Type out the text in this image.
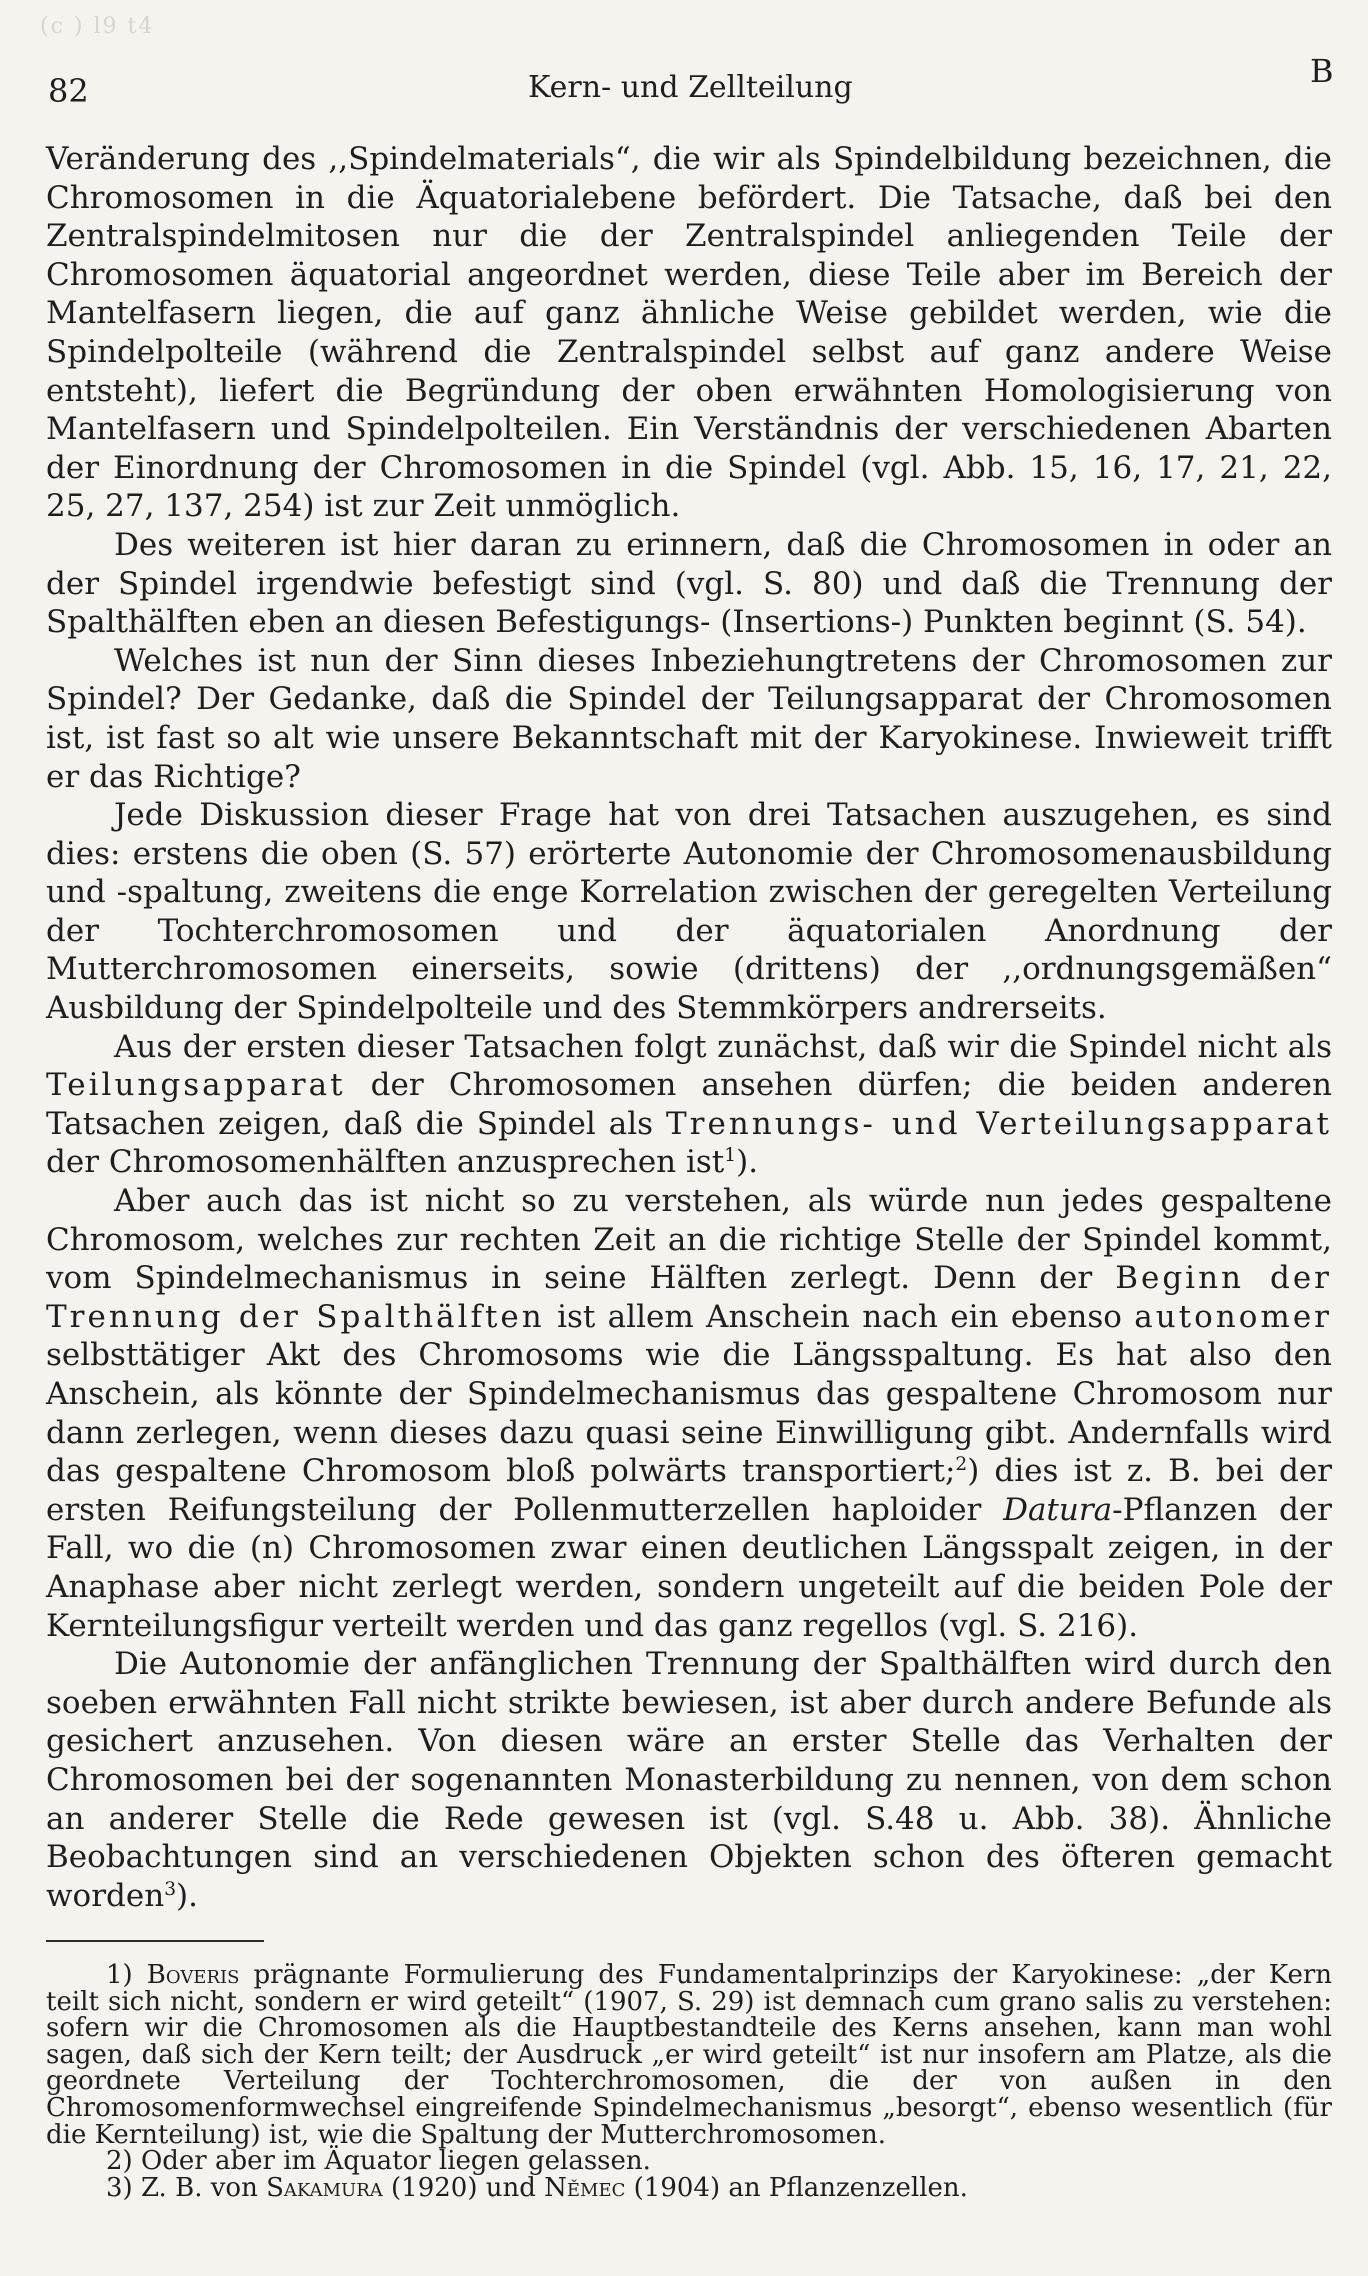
(c ) l9 t4
82	Kern- und Zellteilung	B

Veränderung des ,,Spindelmaterials“, die wir als Spindelbildung bezeichnen, die Chromosomen in die Äquatorialebene befördert. Die Tatsache, daß bei den Zentralspindelmitosen nur die der Zentralspindel anliegenden Teile der Chromosomen äquatorial angeordnet werden, diese Teile aber im Bereich der Mantelfasern liegen, die auf ganz ähnliche Weise gebildet werden, wie die Spindelpolteile (während die Zentralspindel selbst auf ganz andere Weise entsteht), liefert die Begründung der oben erwähnten Homologisierung von Mantelfasern und Spindelpolteilen. Ein Verständnis der verschiedenen Abarten der Einordnung der Chromosomen in die Spindel (vgl. Abb. 15, 16, 17, 21, 22, 25, 27, 137, 254) ist zur Zeit unmöglich.

Des weiteren ist hier daran zu erinnern, daß die Chromosomen in oder an der Spindel irgendwie befestigt sind (vgl. S. 80) und daß die Trennung der Spalthälften eben an diesen Befestigungs- (Insertions-) Punkten beginnt (S. 54).

Welches ist nun der Sinn dieses Inbeziehungtretens der Chromosomen zur Spindel? Der Gedanke, daß die Spindel der Teilungsapparat der Chromosomen ist, ist fast so alt wie unsere Bekanntschaft mit der Karyokinese. Inwieweit trifft er das Richtige?

Jede Diskussion dieser Frage hat von drei Tatsachen auszugehen, es sind dies: erstens die oben (S. 57) erörterte Autonomie der Chromosomenausbildung und -spaltung, zweitens die enge Korrelation zwischen der geregelten Verteilung der Tochterchromosomen und der äquatorialen Anordnung der Mutterchromosomen einerseits, sowie (drittens) der ,,ordnungsgemäßen“ Ausbildung der Spindelpolteile und des Stemmkörpers andrerseits.

Aus der ersten dieser Tatsachen folgt zunächst, daß wir die Spindel nicht als Teilungsapparat der Chromosomen ansehen dürfen; die beiden anderen Tatsachen zeigen, daß die Spindel als Trennungs- und Verteilungsapparat der Chromosomenhälften anzusprechen ist$^1$).

Aber auch das ist nicht so zu verstehen, als würde nun jedes gespaltene Chromosom, welches zur rechten Zeit an die richtige Stelle der Spindel kommt, vom Spindelmechanismus in seine Hälften zerlegt. Denn der Beginn der Trennung der Spalthälften ist allem Anschein nach ein ebenso autonomer selbsttätiger Akt des Chromosoms wie die Längsspaltung. Es hat also den Anschein, als könnte der Spindelmechanismus das gespaltene Chromosom nur dann zerlegen, wenn dieses dazu quasi seine Einwilligung gibt. Andernfalls wird das gespaltene Chromosom bloß polwärts transportiert;$^2$) dies ist z. B. bei der ersten Reifungsteilung der Pollenmutterzellen haploider Datura-Pflanzen der Fall, wo die (n) Chromosomen zwar einen deutlichen Längsspalt zeigen, in der Anaphase aber nicht zerlegt werden, sondern ungeteilt auf die beiden Pole der Kernteilungsfigur verteilt werden und das ganz regellos (vgl. S. 216).

Die Autonomie der anfänglichen Trennung der Spalthälften wird durch den soeben erwähnten Fall nicht strikte bewiesen, ist aber durch andere Befunde als gesichert anzusehen. Von diesen wäre an erster Stelle das Verhalten der Chromosomen bei der sogenannten Monasterbildung zu nennen, von dem schon an anderer Stelle die Rede gewesen ist (vgl. S.48 u. Abb. 38). Ähnliche Beobachtungen sind an verschiedenen Objekten schon des öfteren gemacht worden$^3$).

1) Boveris prägnante Formulierung des Fundamentalprinzips der Karyokinese: „der Kern teilt sich nicht, sondern er wird geteilt“ (1907, S. 29) ist demnach cum grano salis zu verstehen: sofern wir die Chromosomen als die Hauptbestandteile des Kerns ansehen, kann man wohl sagen, daß sich der Kern teilt; der Ausdruck „er wird geteilt“ ist nur insofern am Platze, als die geordnete Verteilung der Tochterchromosomen, die der von außen in den Chromosomenformwechsel eingreifende Spindelmechanismus „besorgt“, ebenso wesentlich (für die Kernteilung) ist, wie die Spaltung der Mutterchromosomen.

2) Oder aber im Äquator liegen gelassen.

3) Z. B. von Sakamura (1920) und Němec (1904) an Pflanzenzellen.
